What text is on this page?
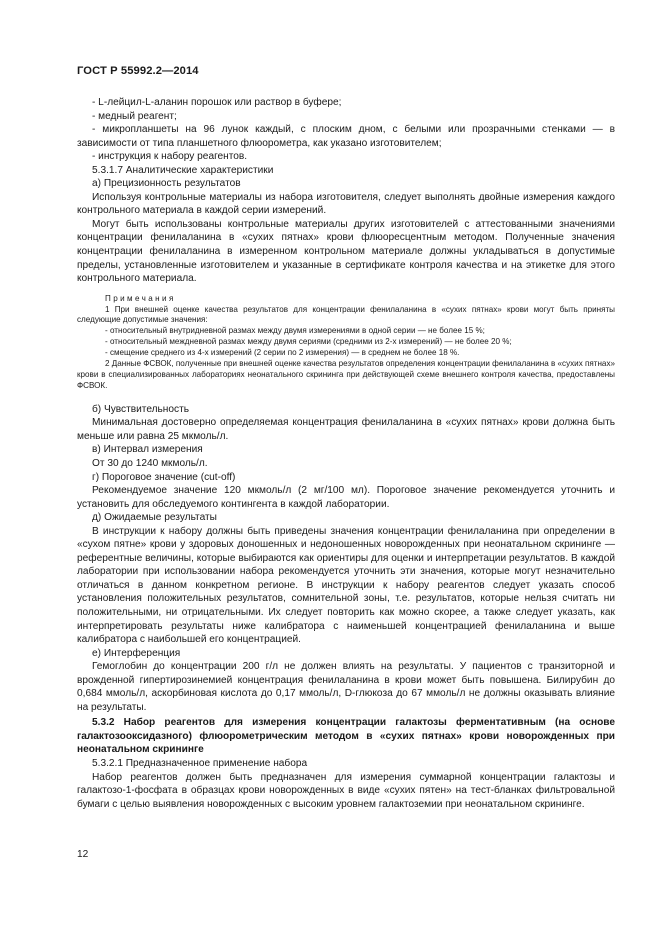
ГОСТ Р 55992.2—2014

- L-лейцил-L-аланин порошок или раствор в буфере;

- медный реагент;

- микропланшеты на 96 лунок каждый, с плоским дном, с белыми или прозрачными стенками — в зависимости от типа планшетного флюорометра, как указано изготовителем;

- инструкция к набору реагентов.

5.3.1.7 Аналитические характеристики

а) Прецизионность результатов

Используя контрольные материалы из набора изготовителя, следует выполнять двойные измерения каждого контрольного материала в каждой серии измерений.

Могут быть использованы контрольные материалы других изготовителей с аттестованными значениями концентрации фенилаланина в «сухих пятнах» крови флюоресцентным методом. Полученные значения концентрации фенилаланина в измеренном контрольном материале должны укладываться в допустимые пределы, установленные изготовителем и указанные в сертификате контроля качества и на этикетке для этого контрольного материала.

Примечания

1 При внешней оценке качества результатов для концентрации фенилаланина в «сухих пятнах» крови могут быть приняты следующие допустимые значения:

- относительный внутридневной размах между двумя измерениями в одной серии — не более 15 %;

- относительный междневной размах между двумя сериями (средними из 2-х измерений) — не более 20 %;

- смещение среднего из 4-х измерений (2 серии по 2 измерения) — в среднем не более 18 %.

2 Данные ФСВОК, полученные при внешней оценке качества результатов определения концентрации фенилаланина в «сухих пятнах» крови в специализированных лабораториях неонатального скрининга при действующей схеме внешнего контроля качества, предоставлены ФСВОК.

б) Чувствительность

Минимальная достоверно определяемая концентрация фенилаланина в «сухих пятнах» крови должна быть меньше или равна 25 мкмоль/л.

в) Интервал измерения

От 30 до 1240 мкмоль/л.

г) Пороговое значение (cut-off)

Рекомендуемое значение 120 мкмоль/л (2 мг/100 мл). Пороговое значение рекомендуется уточнить и установить для обследуемого контингента в каждой лаборатории.

д) Ожидаемые результаты

В инструкции к набору должны быть приведены значения концентрации фенилаланина при определении в «сухом пятне» крови у здоровых доношенных и недоношенных новорожденных при неонатальном скрининге — референтные величины, которые выбираются как ориентиры для оценки и интерпретации результатов. В каждой лаборатории при использовании набора рекомендуется уточнить эти значения, которые могут незначительно отличаться в данном конкретном регионе. В инструкции к набору реагентов следует указать способ установления положительных результатов, сомнительной зоны, т.е. результатов, которые нельзя считать ни положительными, ни отрицательными. Их следует повторить как можно скорее, а также следует указать, как интерпретировать результаты ниже калибратора с наименьшей концентрацией фенилаланина и выше калибратора с наибольшей его концентрацией.

е) Интерференция

Гемоглобин до концентрации 200 г/л не должен влиять на результаты. У пациентов с транзиторной и врожденной гипертирозинемией концентрация фенилаланина в крови может быть повышена. Билирубин до 0,684 ммоль/л, аскорбиновая кислота до 0,17 ммоль/л, D-глюкоза до 67 ммоль/л не должны оказывать влияние на результаты.

5.3.2 Набор реагентов для измерения концентрации галактозы ферментативным (на основе галактозооксидазного) флюорометрическим методом в «сухих пятнах» крови новорожденных при неонатальном скрининге

5.3.2.1 Предназначенное применение набора

Набор реагентов должен быть предназначен для измерения суммарной концентрации галактозы и галактозо-1-фосфата в образцах крови новорожденных в виде «сухих пятен» на тест-бланках фильтровальной бумаги с целью выявления новорожденных с высоким уровнем галактоземии при неонатальном скрининге.

12
